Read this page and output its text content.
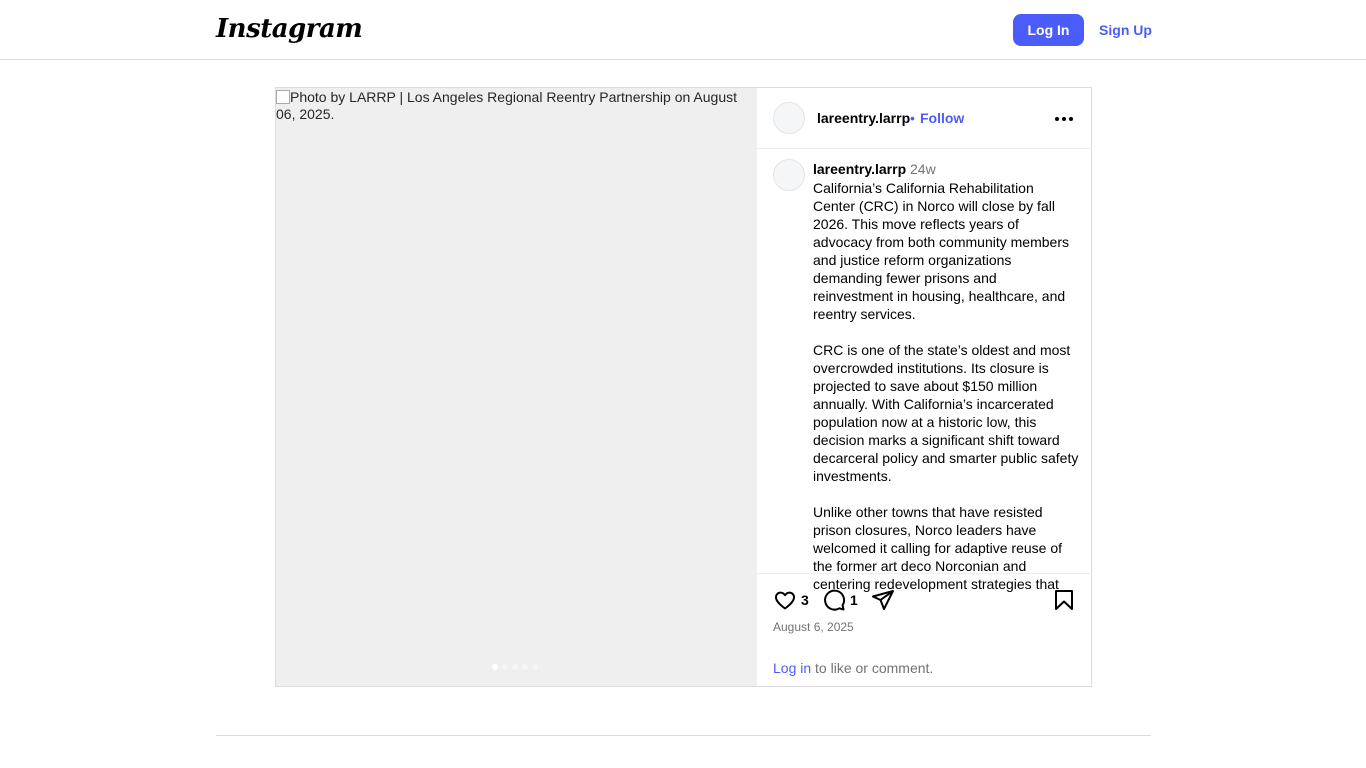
Instagram	Log In	Sign Up
Photo by LARRP | Los Angeles Regional Reentry Partnership on August 06, 2025.	lareentry.larrp • Follow
lareentry.larrp 24w
California’s California Rehabilitation Center (CRC) in Norco will close by fall 2026. This move reflects years of advocacy from both community members and justice reform organizations demanding fewer prisons and reinvestment in housing, healthcare, and reentry services.

CRC is one of the state’s oldest and most overcrowded institutions. Its closure is projected to save about $150 million annually. With California’s incarcerated population now at a historic low, this decision marks a significant shift toward decarceral policy and smarter public safety investments.

Unlike other towns that have resisted prison closures, Norco leaders have welcomed it calling for adaptive reuse of the former art deco Norconian and centering redevelopment strategies that
3	1
August 6, 2025
Log in to like or comment.
